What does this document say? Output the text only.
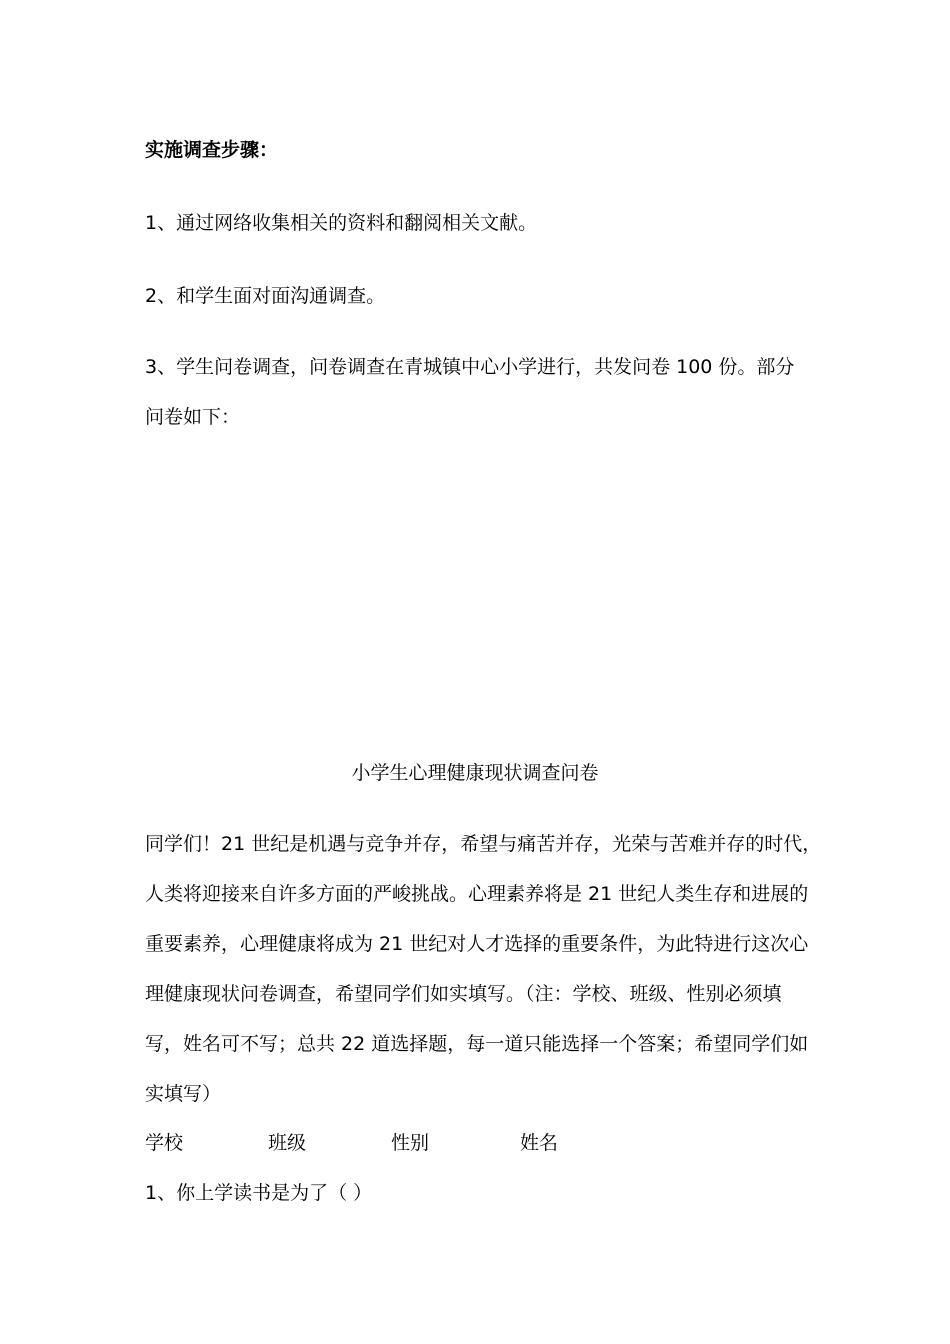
实施调查步骤：
1、通过网络收集相关的资料和翻阅相关文献。
2、和学生面对面沟通调查。
3、学生问卷调查，问卷调查在青城镇中心小学进行，共发问卷 100 份。部分
问卷如下：
小学生心理健康现状调查问卷
同学们！21 世纪是机遇与竞争并存，希望与痛苦并存，光荣与苦难并存的时代，
人类将迎接来自许多方面的严峻挑战。心理素养将是 21 世纪人类生存和进展的
重要素养，心理健康将成为 21 世纪对人才选择的重要条件，为此特进行这次心
理健康现状问卷调查，希望同学们如实填写。（注：学校、班级、性别必须填
写，姓名可不写；总共 22 道选择题，每一道只能选择一个答案；希望同学们如
实填写）
学校	班级	性别	姓名
1、你上学读书是为了（ ）
